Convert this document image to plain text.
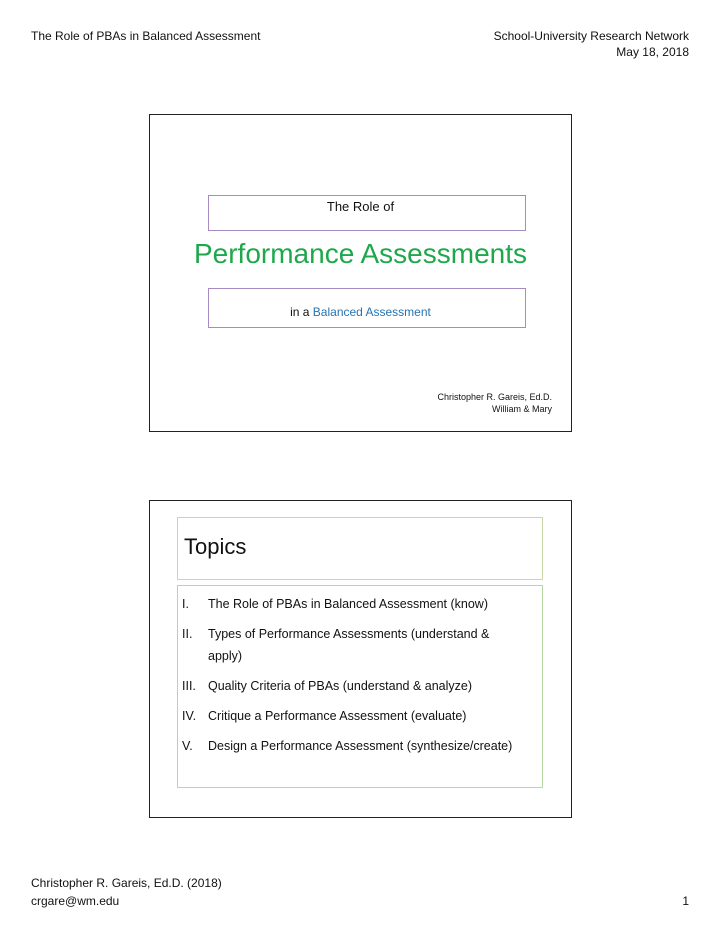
The Role of PBAs in Balanced Assessment	School-University Research Network
May 18, 2018
The Role of
Performance Assessments
in a Balanced Assessment
Christopher R. Gareis, Ed.D.
William & Mary
Topics
I.	The Role of PBAs in Balanced Assessment (know)
II.	Types of Performance Assessments (understand & apply)
III. Quality Criteria of PBAs (understand & analyze)
IV. Critique a Performance Assessment (evaluate)
V.	Design a Performance Assessment (synthesize/create)
Christopher R. Gareis, Ed.D. (2018)
crgare@wm.edu	1
